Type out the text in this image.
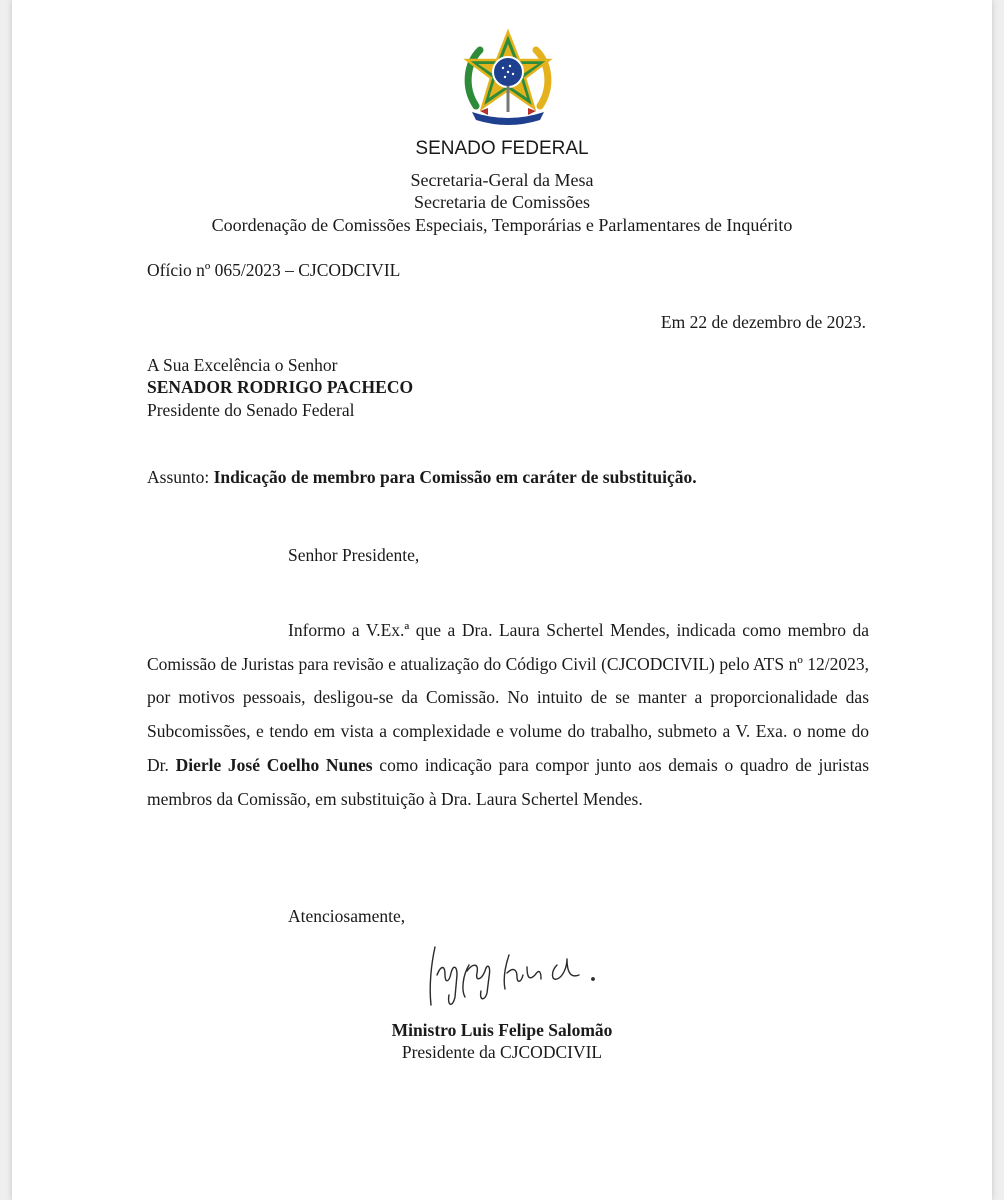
SENADO FEDERAL
Secretaria-Geral da Mesa
Secretaria de Comissões
Coordenação de Comissões Especiais, Temporárias e Parlamentares de Inquérito
Ofício nº 065/2023 – CJCODCIVIL
Em 22 de dezembro de 2023.
A Sua Excelência o Senhor
SENADOR RODRIGO PACHECO
Presidente do Senado Federal
Assunto: Indicação de membro para Comissão em caráter de substituição.
Senhor Presidente,
Informo a V.Ex.ª que a Dra. Laura Schertel Mendes, indicada como membro da Comissão de Juristas para revisão e atualização do Código Civil (CJCODCIVIL) pelo ATS nº 12/2023, por motivos pessoais, desligou-se da Comissão. No intuito de se manter a proporcionalidade das Subcomissões, e tendo em vista a complexidade e volume do trabalho, submeto a V. Exa. o nome do Dr. Dierle José Coelho Nunes como indicação para compor junto aos demais o quadro de juristas membros da Comissão, em substituição à Dra. Laura Schertel Mendes.
Atenciosamente,
Ministro Luis Felipe Salomão
Presidente da CJCODCIVIL
